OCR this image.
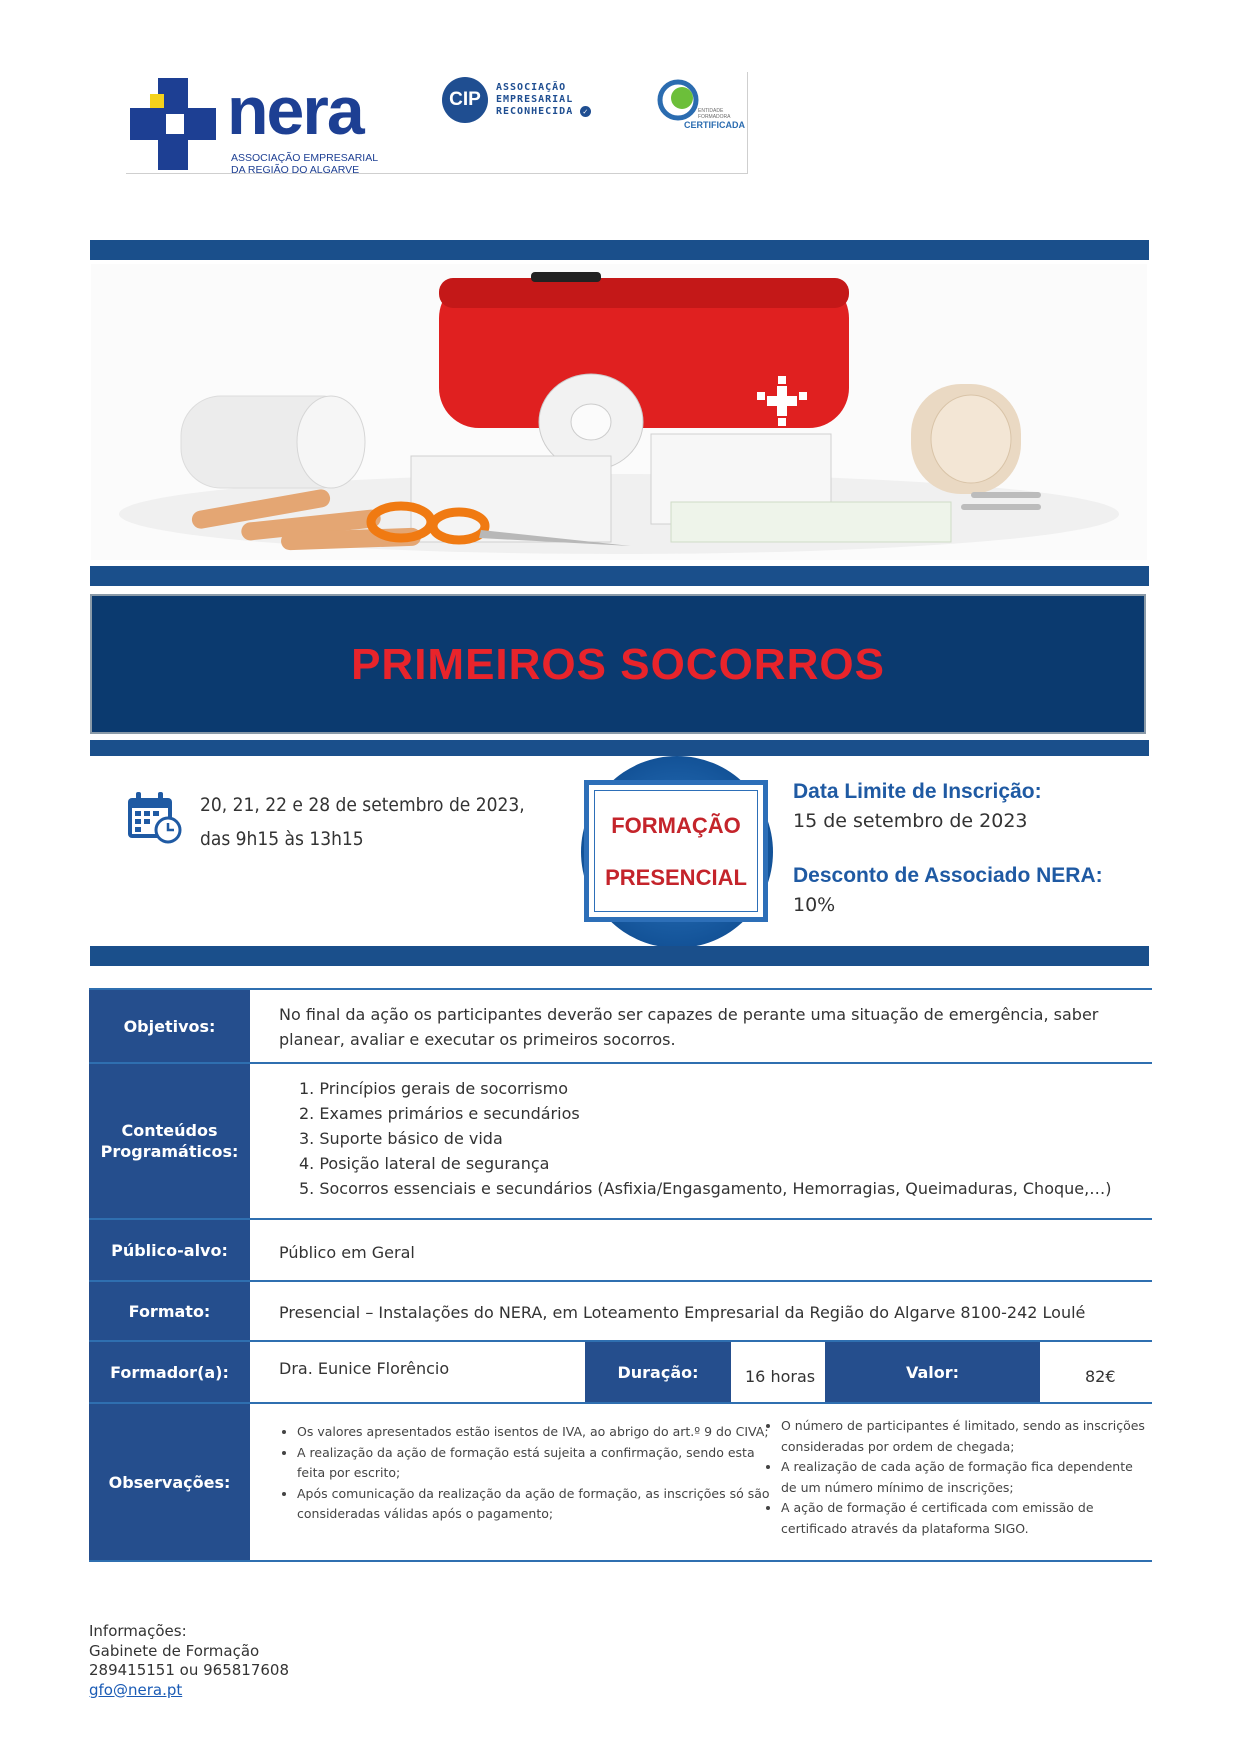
nera
ASSOCIAÇÃO EMPRESARIAL
DA REGIÃO DO ALGARVE
CIP
ASSOCIAÇÃO
EMPRESARIAL
RECONHECIDA ✓	ENTIDADE
FORMADORA
CERTIFICADA
PRIMEIROS SOCORROS
20, 21, 22 e 28 de setembro de 2023,
das 9h15 às 13h15
FORMAÇÃO
PRESENCIAL
Data Limite de Inscrição:
15 de setembro de 2023
Desconto de Associado NERA:
10%
Objetivos:
No final da ação os participantes deverão ser capazes de perante uma situação de emergência, saber
planear, avaliar e executar os primeiros socorros.
Conteúdos
Programáticos:
1. Princípios gerais de socorrismo
2. Exames primários e secundários
3. Suporte básico de vida
4. Posição lateral de segurança
5. Socorros essenciais e secundários (Asfixia/Engasgamento, Hemorragias, Queimaduras, Choque,…)
Público-alvo:	Público em Geral
Formato:	Presencial – Instalações do NERA, em Loteamento Empresarial da Região do Algarve 8100-242 Loulé
Formador(a):	Dra. Eunice Florêncio	Duração:	16 horas	Valor:	82€
Observações:
• Os valores apresentados estão isentos de IVA, ao abrigo do art.º 9 do CIVA;
• A realização da ação de formação está sujeita a confirmação, sendo esta feita por escrito;
• Após comunicação da realização da ação de formação, as inscrições só são consideradas válidas após o pagamento;
• O número de participantes é limitado, sendo as inscrições consideradas por ordem de chegada;
• A realização de cada ação de formação fica dependente de um número mínimo de inscrições;
• A ação de formação é certificada com emissão de certificado através da plataforma SIGO.
Informações:
Gabinete de Formação
289415151 ou 965817608
gfo@nera.pt
